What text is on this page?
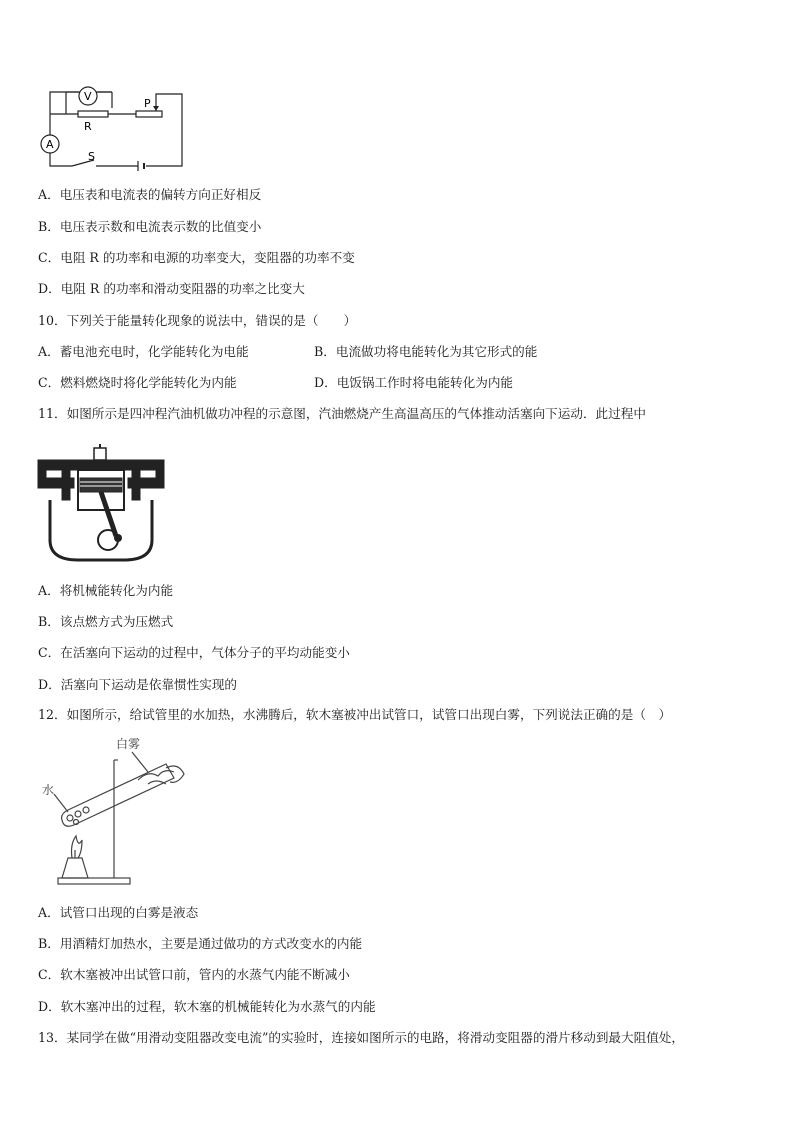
V
A
P
R
S
A．电压表和电流表的偏转方向正好相反
B．电压表示数和电流表示数的比值变小
C．电阻 R 的功率和电源的功率变大，变阻器的功率不变
D．电阻 R 的功率和滑动变阻器的功率之比变大
10．下列关于能量转化现象的说法中，错误的是（　　）
A．蓄电池充电时，化学能转化为电能	B．电流做功将电能转化为其它形式的能
C．燃料燃烧时将化学能转化为内能	D．电饭锅工作时将电能转化为内能
11．如图所示是四冲程汽油机做功冲程的示意图，汽油燃烧产生高温高压的气体推动活塞向下运动．此过程中
A．将机械能转化为内能
B．该点燃方式为压燃式
C．在活塞向下运动的过程中，气体分子的平均动能变小
D．活塞向下运动是依靠惯性实现的
12．如图所示，给试管里的水加热，水沸腾后，软木塞被冲出试管口，试管口出现白雾，下列说法正确的是（　）
白雾
水
A．试管口出现的白雾是液态
B．用酒精灯加热水，主要是通过做功的方式改变水的内能
C．软木塞被冲出试管口前，管内的水蒸气内能不断减小
D．软木塞冲出的过程，软木塞的机械能转化为水蒸气的内能
13．某同学在做“用滑动变阻器改变电流”的实验时，连接如图所示的电路，将滑动变阻器的滑片移动到最大阻值处，
